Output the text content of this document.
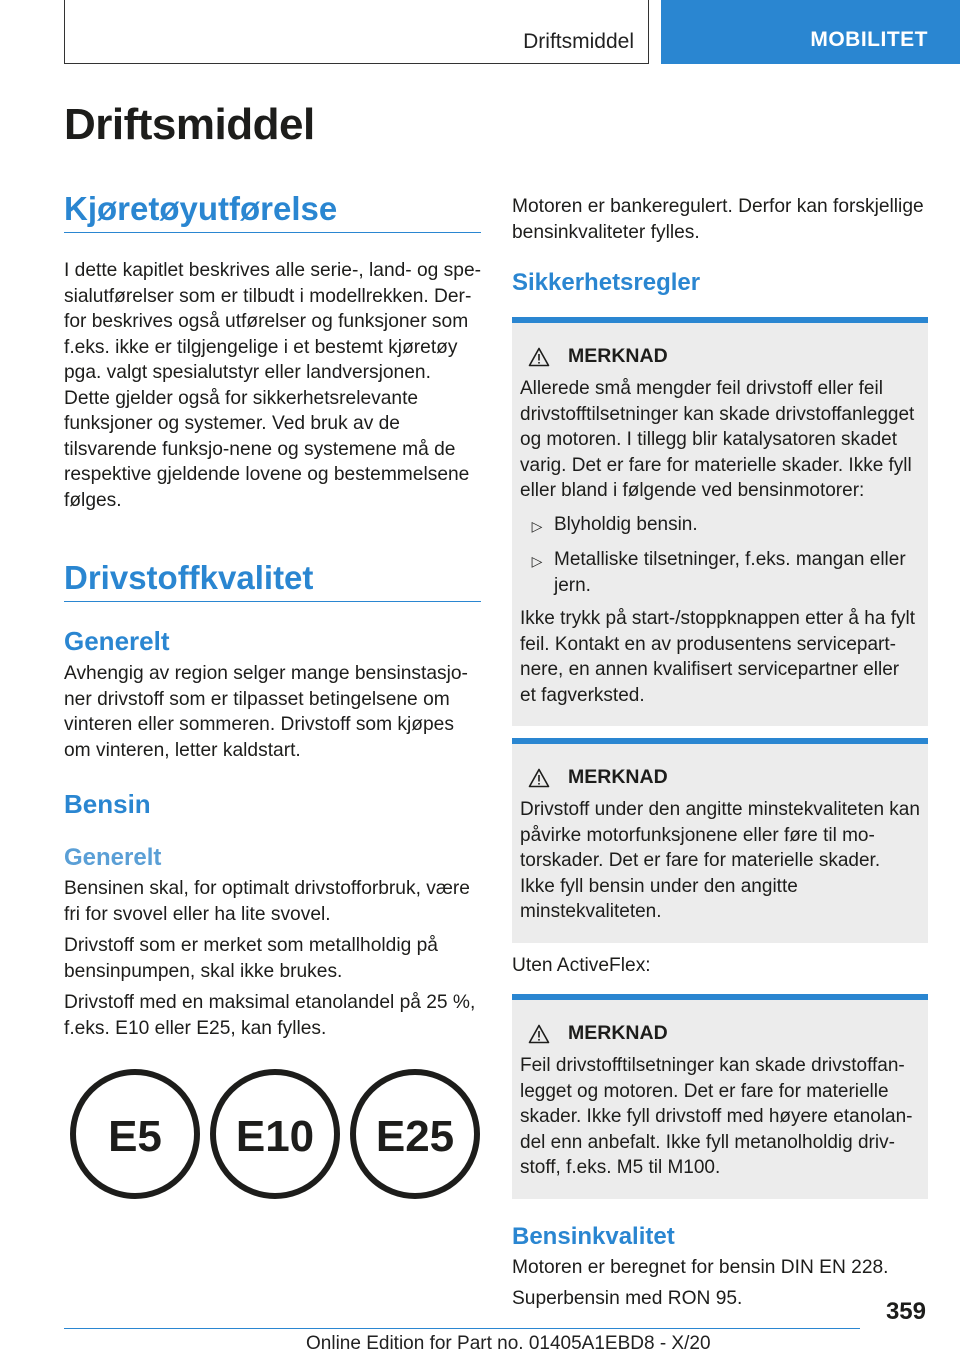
Driftsmiddel	MOBILITET
Driftsmiddel
Kjøretøyutførelse

I dette kapitlet beskrives alle serie-, land- og spe-sialutførelser som er tilbudt i modellrekken. Der-for beskrives også utførelser og funksjoner som f.eks. ikke er tilgjengelige i et bestemt kjøretøy pga. valgt spesialutstyr eller landversjonen. Dette gjelder også for sikkerhetsrelevante funksjoner og systemer. Ved bruk av de tilsvarende funksjo-nene og systemene må de respektive gjeldende lovene og bestemmelsene følges.

Drivstoffkvalitet
Generelt

Avhengig av region selger mange bensinstasjo-ner drivstoff som er tilpasset betingelsene om vinteren eller sommeren. Drivstoff som kjøpes om vinteren, letter kaldstart.

Bensin
Generelt

Bensinen skal, for optimalt drivstofforbruk, være fri for svovel eller ha lite svovel.

Drivstoff som er merket som metallholdig på bensinpumpen, skal ikke brukes.

Drivstoff med en maksimal etanolandel på 25 %, f.eks. E10 eller E25, kan fylles.

E5 E10 E25

Motoren er bankeregulert. Derfor kan forskjellige bensinkvaliteter fylles.

Sikkerhetsregler
MERKNAD

Allerede små mengder feil drivstoff eller feil drivstofftilsetninger kan skade drivstoffanlegget og motoren. I tillegg blir katalysatoren skadet varig. Det er fare for materielle skader. Ikke fyll eller bland i følgende ved bensinmotorer:

▷ Blyholdig bensin.
▷ Metalliske tilsetninger, f.eks. mangan eller jern.

Ikke trykk på start-/stoppknappen etter å ha fylt feil. Kontakt en av produsentens servicepart-nere, en annen kvalifisert servicepartner eller et fagverksted.

MERKNAD

Drivstoff under den angitte minstekvaliteten kan påvirke motorfunksjonene eller føre til mo-torskader. Det er fare for materielle skader. Ikke fyll bensin under den angitte minstekvaliteten.

Uten ActiveFlex:

MERKNAD

Feil drivstofftilsetninger kan skade drivstoffan-legget og motoren. Det er fare for materielle skader. Ikke fyll drivstoff med høyere etanolan-del enn anbefalt. Ikke fyll metanolholdig driv-stoff, f.eks. M5 til M100.

Bensinkvalitet

Motoren er beregnet for bensin DIN EN 228.

Superbensin med RON 95.	359
Online Edition for Part no. 01405A1EBD8 - X/20
